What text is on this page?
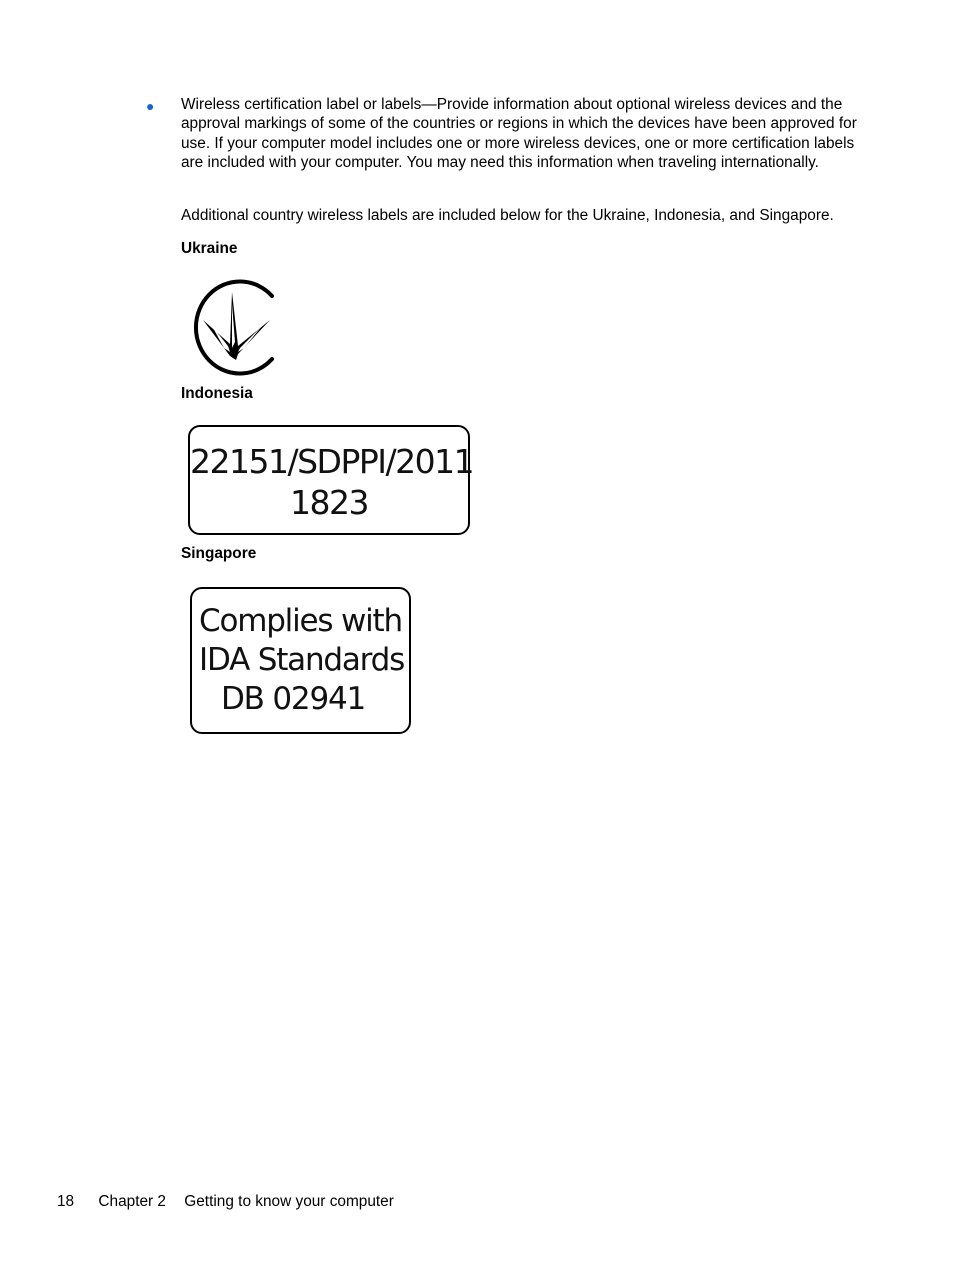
● Wireless certification label or labels—Provide information about optional wireless devices and the approval markings of some of the countries or regions in which the devices have been approved for use. If your computer model includes one or more wireless devices, one or more certification labels are included with your computer. You may need this information when traveling internationally.

Additional country wireless labels are included below for the Ukraine, Indonesia, and Singapore.

Ukraine
Indonesia
22151/SDPPI/2011
1823
Singapore
Complies with
IDA Standards
DB 02941
18 Chapter 2 Getting to know your computer
